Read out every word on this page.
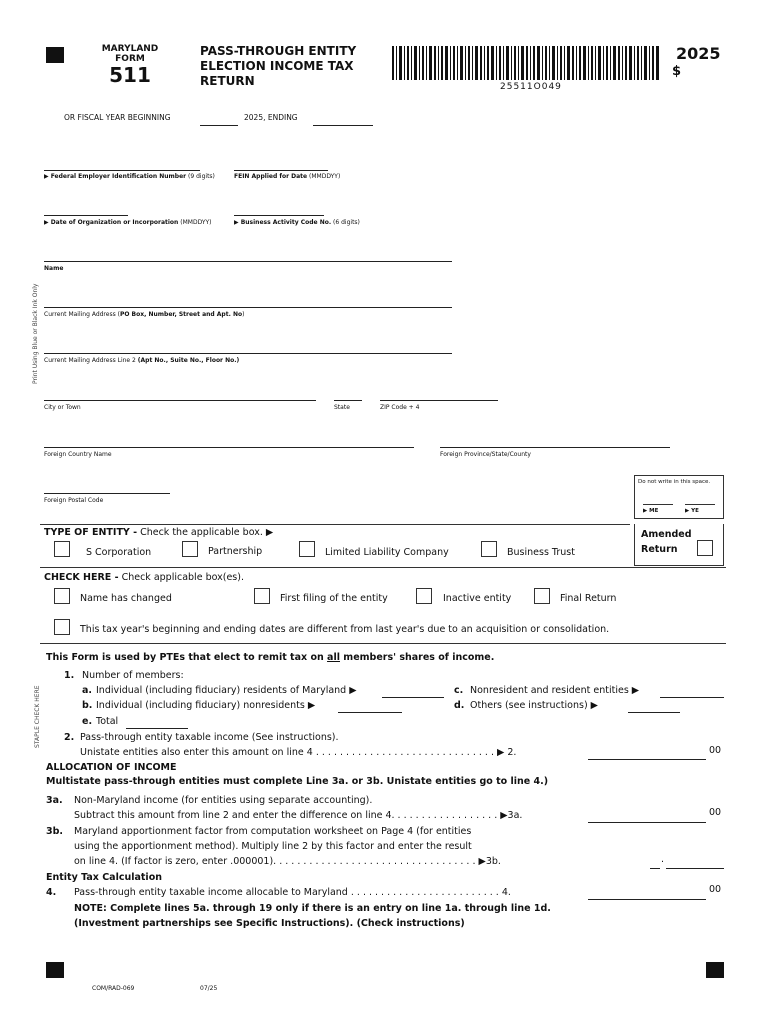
MARYLAND
FORM
511
PASS-THROUGH ENTITY
ELECTION INCOME TAX
RETURN	25511O049
2025
$
OR FISCAL YEAR BEGINNING	2025, ENDING
▶ Federal Employer Identification Number (9 digits)	FEIN Applied for Date (MMDDYY)
▶ Date of Organization or Incorporation (MMDDYY)	▶ Business Activity Code No. (6 digits)
Print Using Blue or Black Ink Only
STAPLE CHECK HERE
Name
Current Mailing Address (PO Box, Number, Street and Apt. No)
Current Mailing Address Line 2 (Apt No., Suite No., Floor No.)
City or Town	State	ZIP Code + 4
Foreign Country Name	Foreign Province/State/County
Foreign Postal Code
Do not write in this space.
▶ ME	▶ YE
TYPE OF ENTITY - Check the applicable box. ▶
S Corporation	Partnership	Limited Liability Company	Business Trust
Amended
Return
CHECK HERE - Check applicable box(es).
Name has changed	First filing of the entity	Inactive entity	Final Return
This tax year's beginning and ending dates are different from last year's due to an acquisition or consolidation.
This Form is used by PTEs that elect to remit tax on all members' shares of income.
1. Number of members:
a. Individual (including fiduciary) residents of Maryland ▶	c. Nonresident and resident entities ▶
b. Individual (including fiduciary) nonresidents ▶	d. Others (see instructions) ▶
e. Total
2. Pass-through entity taxable income (See instructions).
Unistate entities also enter this amount on line 4 . . . . . . . . . . . . . . . . . . . . . . . . . . . . . . ▶ 2.	00
ALLOCATION OF INCOME
Multistate pass-through entities must complete Line 3a. or 3b. Unistate entities go to line 4.)
3a. Non-Maryland income (for entities using separate accounting).
Subtract this amount from line 2 and enter the difference on line 4. . . . . . . . . . . . . . . . . . ▶3a.	00
3b. Maryland apportionment factor from computation worksheet on Page 4 (for entities
using the apportionment method). Multiply line 2 by this factor and enter the result
on line 4. (If factor is zero, enter .000001). . . . . . . . . . . . . . . . . . . . . . . . . . . . . . . . . . ▶3b.	.
Entity Tax Calculation
4. Pass-through entity taxable income allocable to Maryland . . . . . . . . . . . . . . . . . . . . . . . . . 4.	00
NOTE: Complete lines 5a. through 19 only if there is an entry on line 1a. through line 1d.
(Investment partnerships see Specific Instructions). (Check instructions)
COM/RAD-069	07/25
